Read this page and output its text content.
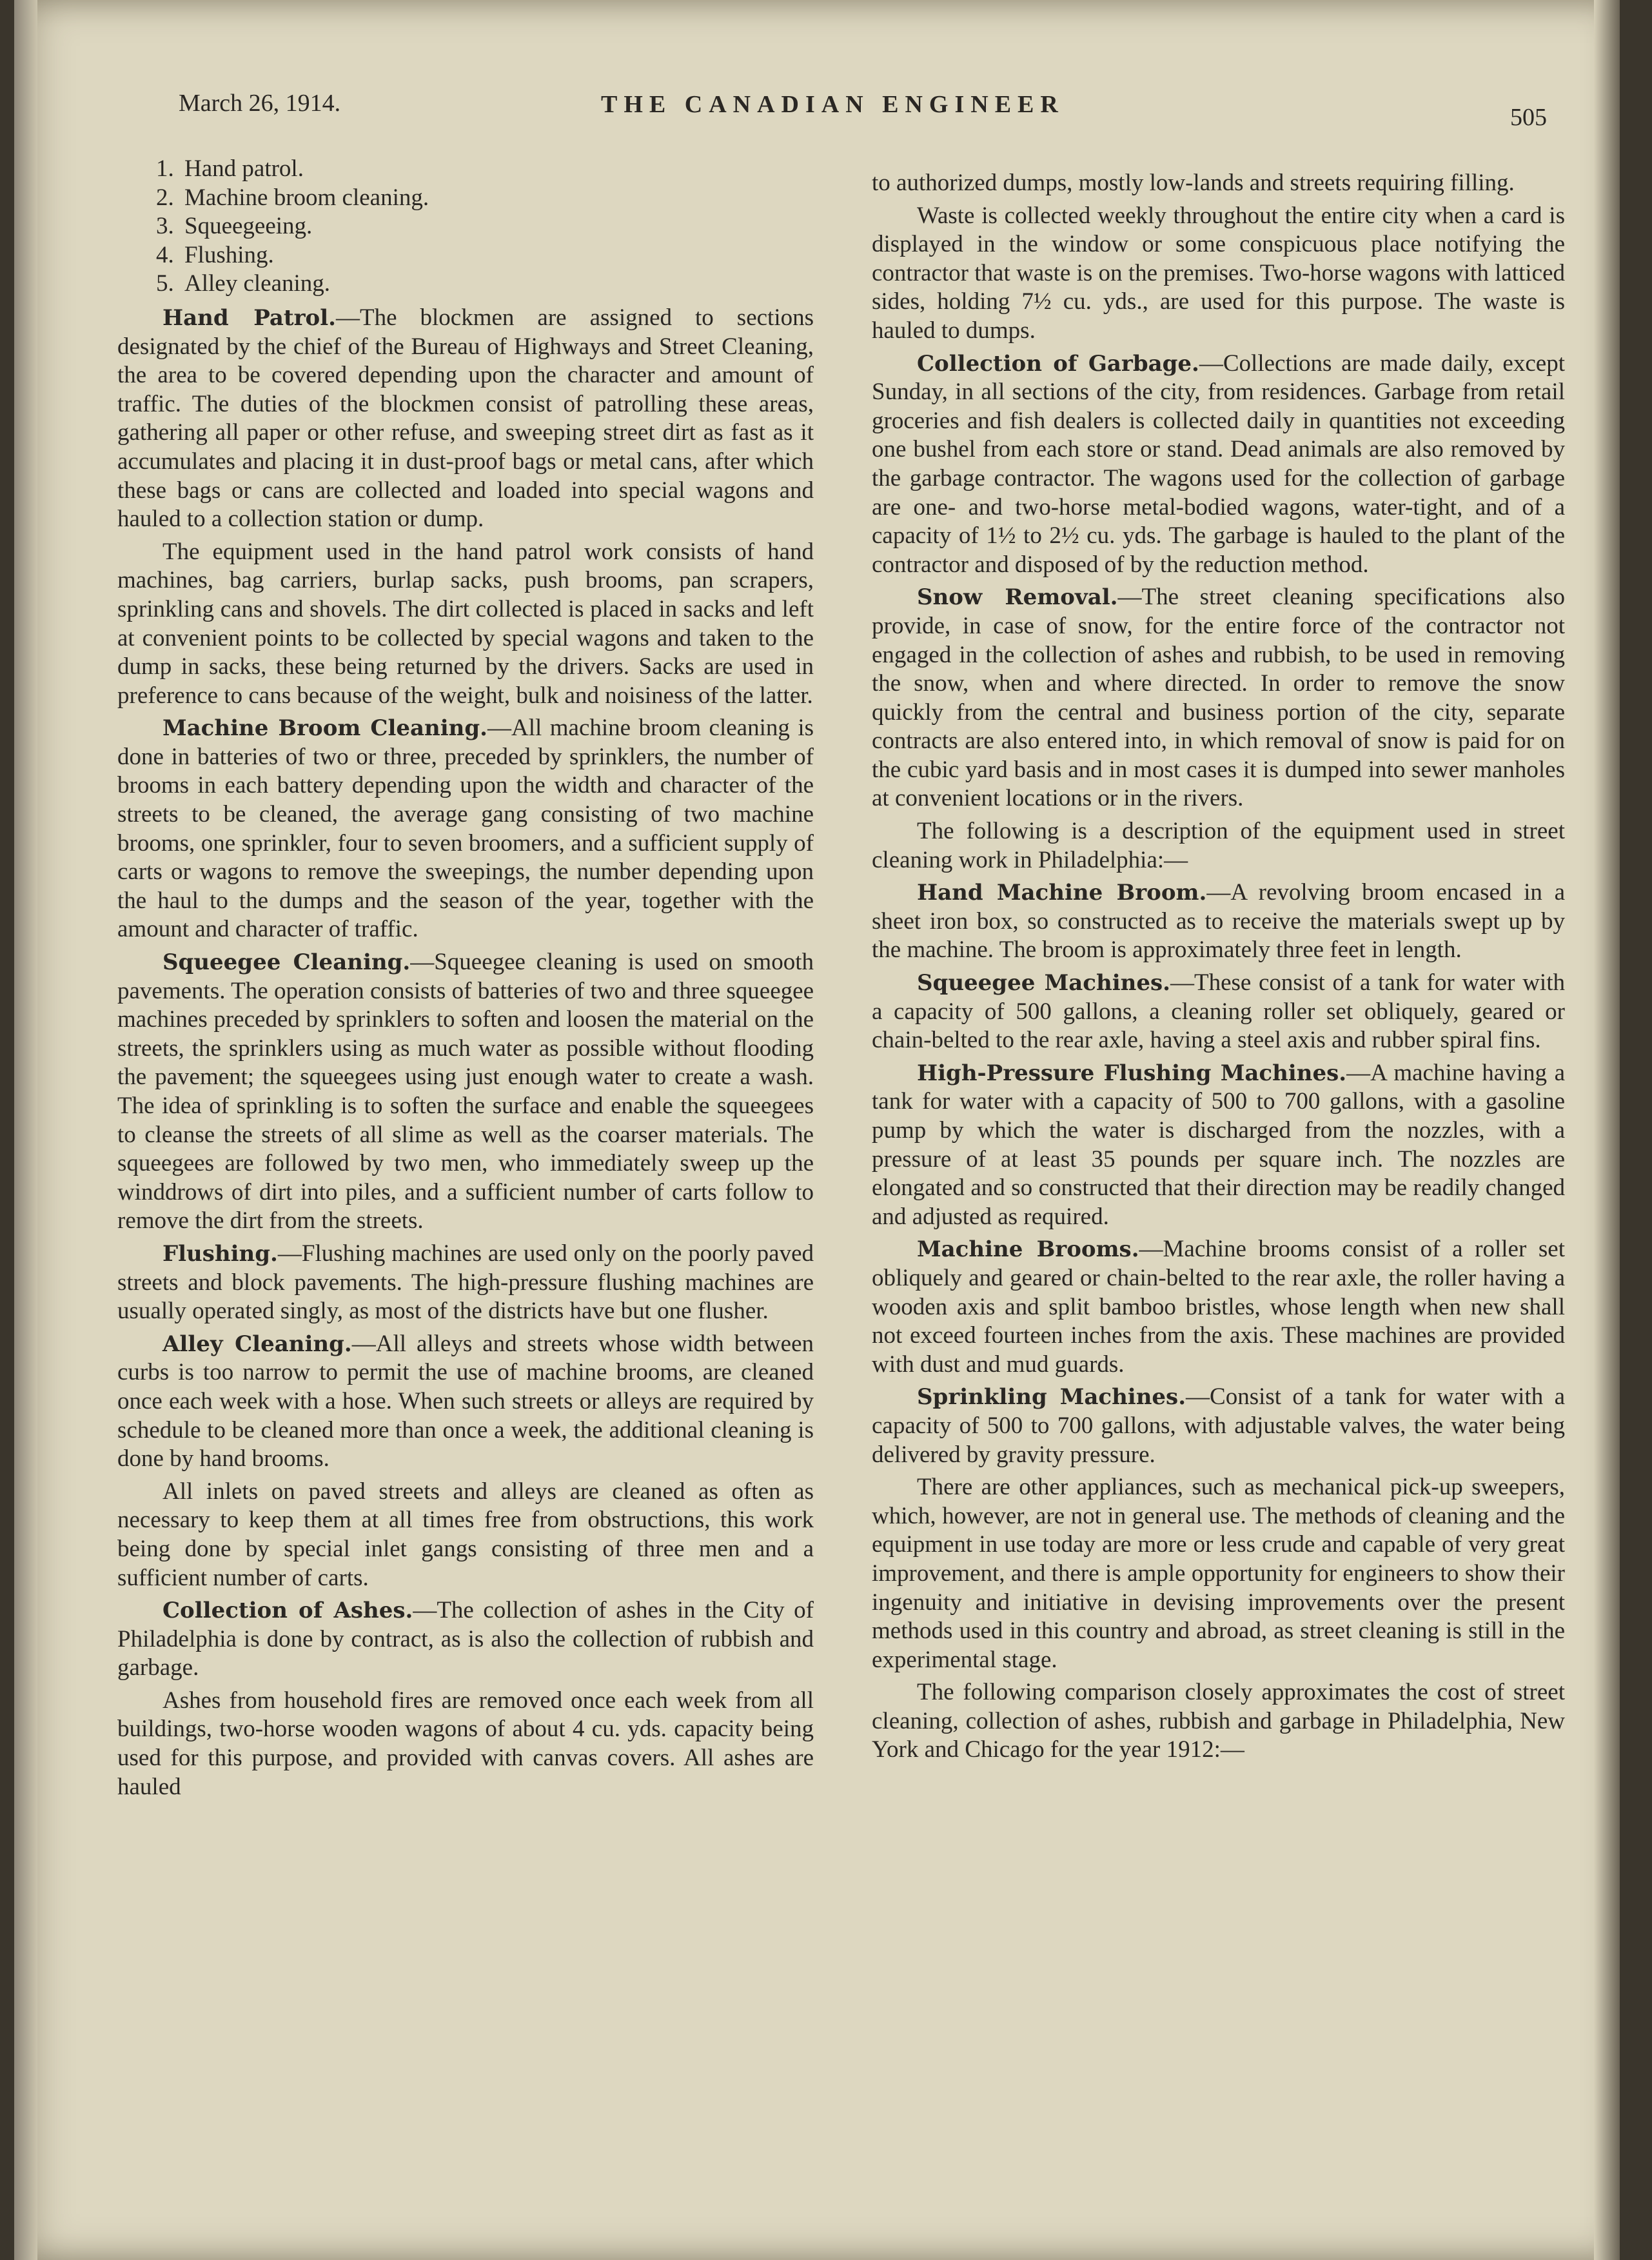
March 26, 1914.	THE CANADIAN ENGINEER	505
1. Hand patrol.
2. Machine broom cleaning.
3. Squeegeeing.
4. Flushing.
5. Alley cleaning.

Hand Patrol.—The blockmen are assigned to sections designated by the chief of the Bureau of Highways and Street Cleaning, the area to be covered depending upon the character and amount of traffic. The duties of the blockmen consist of patrolling these areas, gathering all paper or other refuse, and sweeping street dirt as fast as it accumulates and placing it in dust-proof bags or metal cans, after which these bags or cans are collected and loaded into special wagons and hauled to a collection station or dump.

The equipment used in the hand patrol work consists of hand machines, bag carriers, burlap sacks, push brooms, pan scrapers, sprinkling cans and shovels. The dirt collected is placed in sacks and left at convenient points to be collected by special wagons and taken to the dump in sacks, these being returned by the drivers. Sacks are used in preference to cans because of the weight, bulk and noisiness of the latter.

Machine Broom Cleaning.—All machine broom cleaning is done in batteries of two or three, preceded by sprinklers, the number of brooms in each battery depending upon the width and character of the streets to be cleaned, the average gang consisting of two machine brooms, one sprinkler, four to seven broomers, and a sufficient supply of carts or wagons to remove the sweepings, the number depending upon the haul to the dumps and the season of the year, together with the amount and character of traffic.

Squeegee Cleaning.—Squeegee cleaning is used on smooth pavements. The operation consists of batteries of two and three squeegee machines preceded by sprinklers to soften and loosen the material on the streets, the sprinklers using as much water as possible without flooding the pavement; the squeegees using just enough water to create a wash. The idea of sprinkling is to soften the surface and enable the squeegees to cleanse the streets of all slime as well as the coarser materials. The squeegees are followed by two men, who immediately sweep up the winddrows of dirt into piles, and a sufficient number of carts follow to remove the dirt from the streets.

Flushing.—Flushing machines are used only on the poorly paved streets and block pavements. The high-pressure flushing machines are usually operated singly, as most of the districts have but one flusher.

Alley Cleaning.—All alleys and streets whose width between curbs is too narrow to permit the use of machine brooms, are cleaned once each week with a hose. When such streets or alleys are required by schedule to be cleaned more than once a week, the additional cleaning is done by hand brooms.

All inlets on paved streets and alleys are cleaned as often as necessary to keep them at all times free from obstructions, this work being done by special inlet gangs consisting of three men and a sufficient number of carts.

Collection of Ashes.—The collection of ashes in the City of Philadelphia is done by contract, as is also the collection of rubbish and garbage.

Ashes from household fires are removed once each week from all buildings, two-horse wooden wagons of about 4 cu. yds. capacity being used for this purpose, and provided with canvas covers. All ashes are hauled

to authorized dumps, mostly low-lands and streets requiring filling.

Waste is collected weekly throughout the entire city when a card is displayed in the window or some conspicuous place notifying the contractor that waste is on the premises. Two-horse wagons with latticed sides, holding 7½ cu. yds., are used for this purpose. The waste is hauled to dumps.

Collection of Garbage.—Collections are made daily, except Sunday, in all sections of the city, from residences. Garbage from retail groceries and fish dealers is collected daily in quantities not exceeding one bushel from each store or stand. Dead animals are also removed by the garbage contractor. The wagons used for the collection of garbage are one- and two-horse metal-bodied wagons, water-tight, and of a capacity of 1½ to 2½ cu. yds. The garbage is hauled to the plant of the contractor and disposed of by the reduction method.

Snow Removal.—The street cleaning specifications also provide, in case of snow, for the entire force of the contractor not engaged in the collection of ashes and rubbish, to be used in removing the snow, when and where directed. In order to remove the snow quickly from the central and business portion of the city, separate contracts are also entered into, in which removal of snow is paid for on the cubic yard basis and in most cases it is dumped into sewer manholes at convenient locations or in the rivers.

The following is a description of the equipment used in street cleaning work in Philadelphia:—

Hand Machine Broom.—A revolving broom encased in a sheet iron box, so constructed as to receive the materials swept up by the machine. The broom is approximately three feet in length.

Squeegee Machines.—These consist of a tank for water with a capacity of 500 gallons, a cleaning roller set obliquely, geared or chain-belted to the rear axle, having a steel axis and rubber spiral fins.

High-Pressure Flushing Machines.—A machine having a tank for water with a capacity of 500 to 700 gallons, with a gasoline pump by which the water is discharged from the nozzles, with a pressure of at least 35 pounds per square inch. The nozzles are elongated and so constructed that their direction may be readily changed and adjusted as required.

Machine Brooms.—Machine brooms consist of a roller set obliquely and geared or chain-belted to the rear axle, the roller having a wooden axis and split bamboo bristles, whose length when new shall not exceed fourteen inches from the axis. These machines are provided with dust and mud guards.

Sprinkling Machines.—Consist of a tank for water with a capacity of 500 to 700 gallons, with adjustable valves, the water being delivered by gravity pressure.

There are other appliances, such as mechanical pick-up sweepers, which, however, are not in general use. The methods of cleaning and the equipment in use today are more or less crude and capable of very great improvement, and there is ample opportunity for engineers to show their ingenuity and initiative in devising improvements over the present methods used in this country and abroad, as street cleaning is still in the experimental stage.

The following comparison closely approximates the cost of street cleaning, collection of ashes, rubbish and garbage in Philadelphia, New York and Chicago for the year 1912:—
